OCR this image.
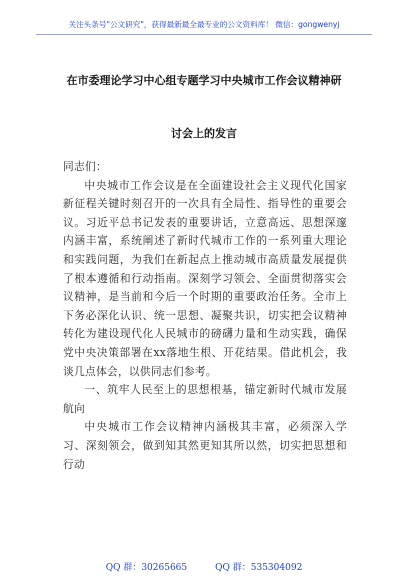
关注头条号"公文研究"，获得最新最全最专业的公文资料库！ 微信：gongwenyj
在市委理论学习中心组专题学习中央城市工作会议精神研
讨会上的发言

同志们：

中央城市工作会议是在全面建设社会主义现代化国家新征程关键时刻召开的一次具有全局性、指导性的重要会议。习近平总书记发表的重要讲话，立意高远、思想深邃内涵丰富，系统阐述了新时代城市工作的一系列重大理论和实践问题，为我们在新起点上推动城市高质量发展提供了根本遵循和行动指南。深刻学习领会、全面贯彻落实会议精神，是当前和今后一个时期的重要政治任务。全市上下务必深化认识、统一思想、凝聚共识，切实把会议精神转化为建设现代化人民城市的磅礴力量和生动实践，确保党中央决策部署在xx落地生根、开花结果。借此机会，我谈几点体会，以供同志们参考。

一、筑牢人民至上的思想根基，锚定新时代城市发展航向

中央城市工作会议精神内涵极其丰富，必须深入学习、深刻领会，做到知其然更知其所以然，切实把思想和行动

QQ 群：30265665	QQ 群：535304092
